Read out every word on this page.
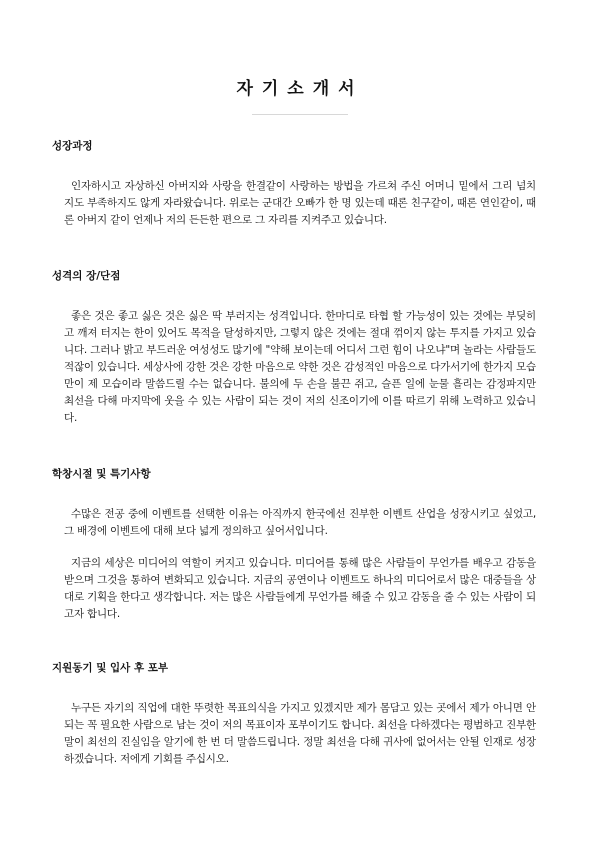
자기소개서
성장과정

인자하시고 자상하신 아버지와 사랑을 한결같이 사랑하는 방법을 가르쳐 주신 어머니 밑에서 그리 넘치지도 부족하지도 않게 자라왔습니다. 위로는 군대간 오빠가 한 명 있는데 때론 친구같이, 때론 연인같이, 때론 아버지 같이 언제나 저의 든든한 편으로 그 자리를 지켜주고 있습니다.

성격의 장/단점

좋은 것은 좋고 싫은 것은 싫은 딱 부러지는 성격입니다. 한마디로 타협 할 가능성이 있는 것에는 부딪히고 깨져 터지는 한이 있어도 목적을 달성하지만, 그렇지 않은 것에는 절대 꺾이지 않는 투지를 가지고 있습니다. 그러나 밝고 부드러운 여성성도 많기에 "약해 보이는데 어디서 그런 힘이 나오냐"며 놀라는 사람들도 적잖이 있습니다. 세상사에 강한 것은 강한 마음으로 약한 것은 감성적인 마음으로 다가서기에 한가지 모습만이 제 모습이라 말씀드릴 수는 없습니다. 불의에 두 손을 불끈 쥐고, 슬픈 일에 눈물 흘리는 감정파지만 최선을 다해 마지막에 웃을 수 있는 사람이 되는 것이 저의 신조이기에 이를 따르기 위해 노력하고 있습니다.

학창시절 및 특기사항

수많은 전공 중에 이벤트를 선택한 이유는 아직까지 한국에선 진부한 이벤트 산업을 성장시키고 싶었고, 그 배경에 이벤트에 대해 보다 넓게 정의하고 싶어서입니다.

지금의 세상은 미디어의 역할이 커지고 있습니다. 미디어를 통해 많은 사람들이 무언가를 배우고 감동을 받으며 그것을 통하여 변화되고 있습니다. 지금의 공연이나 이벤트도 하나의 미디어로서 많은 대중들을 상대로 기획을 한다고 생각합니다. 저는 많은 사람들에게 무언가를 해줄 수 있고 감동을 줄 수 있는 사람이 되고자 합니다.

지원동기 및 입사 후 포부

누구든 자기의 직업에 대한 뚜렷한 목표의식을 가지고 있겠지만 제가 몸담고 있는 곳에서 제가 아니면 안되는 꼭 필요한 사람으로 남는 것이 저의 목표이자 포부이기도 합니다. 최선을 다하겠다는 평범하고 진부한 말이 최선의 진실임을 알기에 한 번 더 말씀드립니다. 정말 최선을 다해 귀사에 없어서는 안될 인재로 성장하겠습니다. 저에게 기회를 주십시오.
